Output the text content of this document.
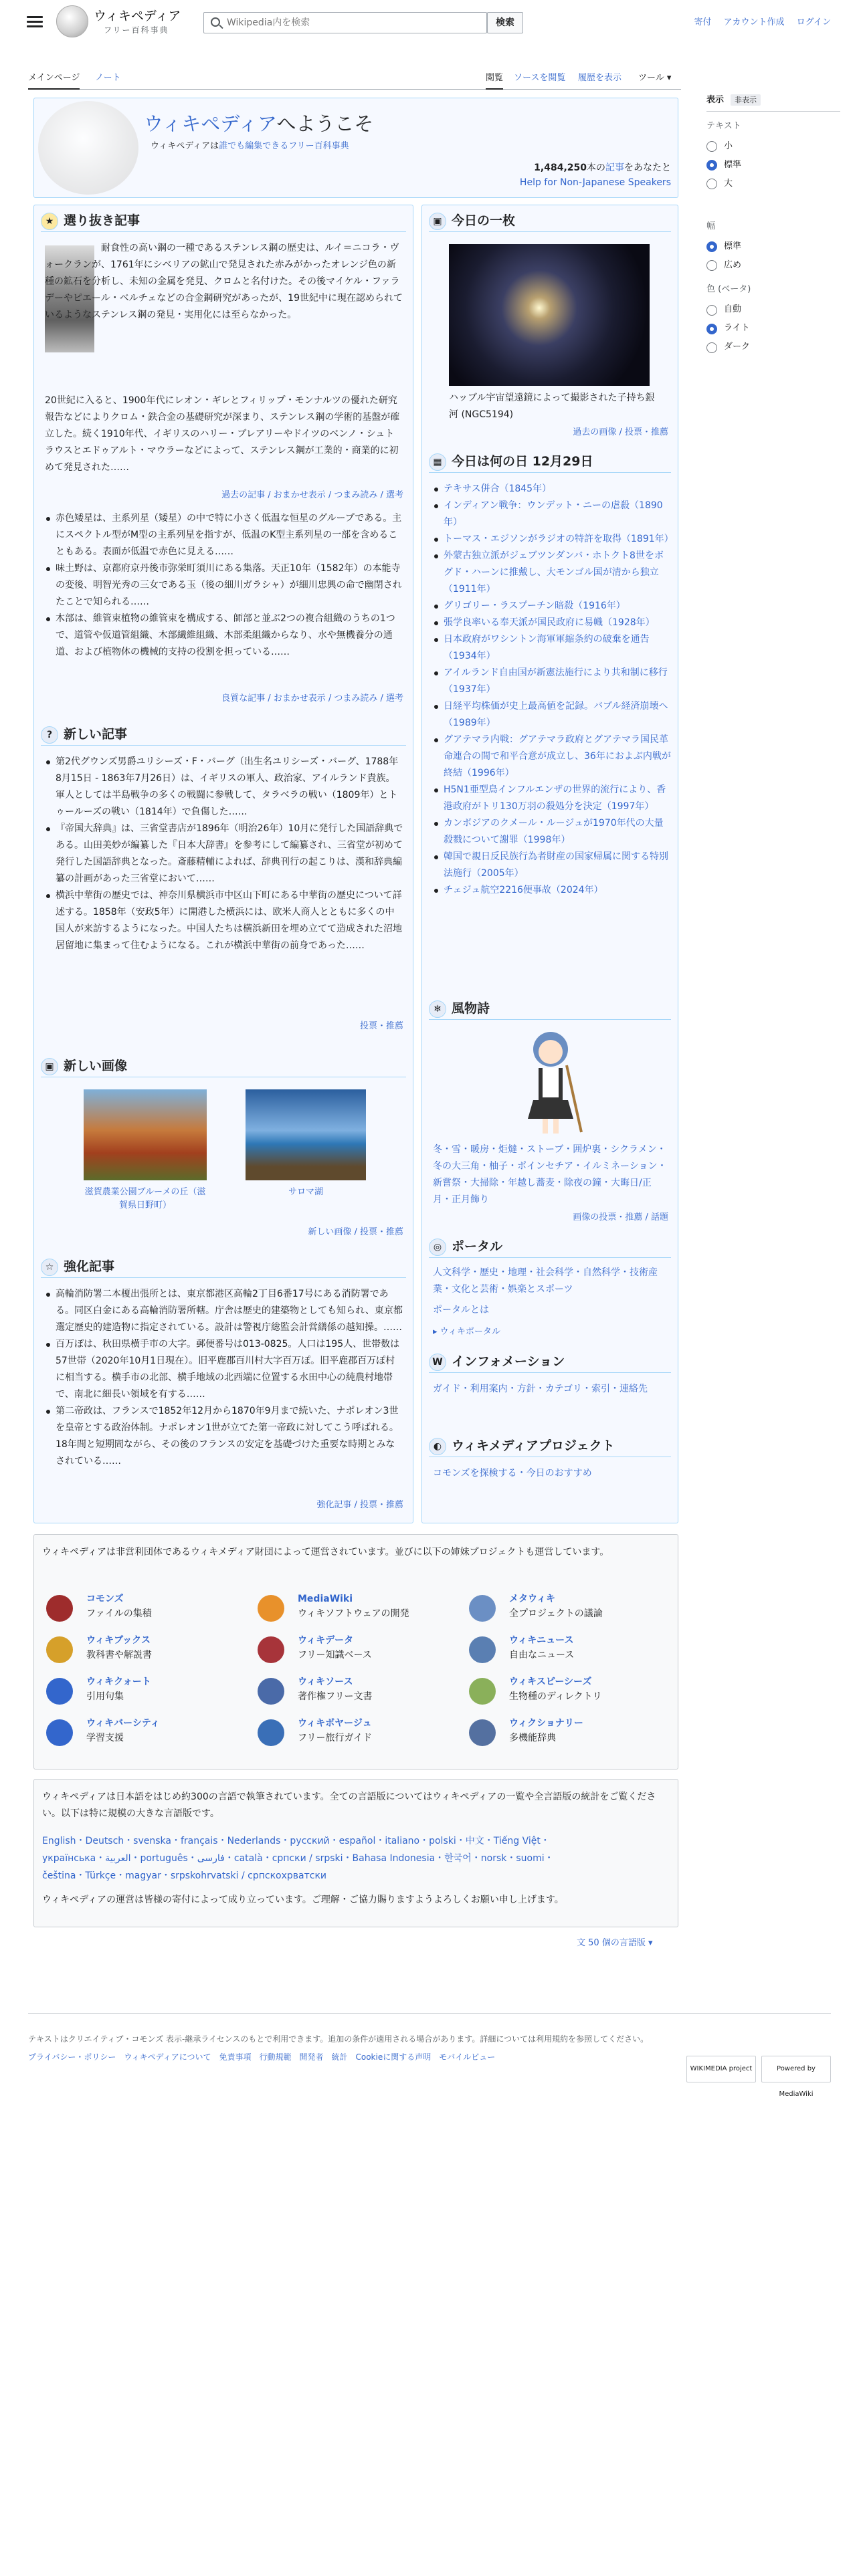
ウィキペディア
フリー百科事典
Wikipedia内を検索
検索	寄付 アカウント作成 ログイン
メインページ ノート	閲覧 ソースを閲覧 履歴を表示 ツール ▾
表示 非表示
テキスト
小
標準
大
幅
標準
広め
色 (ベータ)
自動
ライト
ダーク
ウィキペディアへようこそ
ウィキペディアは誰でも編集できるフリー百科事典
1,484,250本の記事をあなたと
Help for Non-Japanese Speakers
★ 選り抜き記事
耐食性の高い鋼の一種であるステンレス鋼の歴史は、ルイ＝ニコラ・ヴォークランが、1761年にシベリアの鉱山で発見された赤みがかったオレンジ色の新種の鉱石を分析し、未知の金属を発見、クロムと名付けた。その後マイケル・ファラデーやピエール・ベルチェなどの合金鋼研究があったが、19世紀中に現在認められているようなステンレス鋼の発見・実用化には至らなかった。
20世紀に入ると、1900年代にレオン・ギレとフィリップ・モンナルツの優れた研究報告などによりクロム・鉄合金の基礎研究が深まり、ステンレス鋼の学術的基盤が確立した。続く1910年代、イギリスのハリー・ブレアリーやドイツのベンノ・シュトラウスとエドゥアルト・マウラーなどによって、ステンレス鋼が工業的・商業的に初めて発見された……
過去の記事 / おまかせ表示 / つまみ読み / 選考
赤色矮星は、主系列星（矮星）の中で特に小さく低温な恒星のグループである。主にスペクトル型がM型の主系列星を指すが、低温のK型主系列星の一部を含めることもある。表面が低温で赤色に見える……
味土野は、京都府京丹後市弥栄町須川にある集落。天正10年（1582年）の本能寺の変後、明智光秀の三女である玉（後の細川ガラシャ）が細川忠興の命で幽閉されたことで知られる……
木部は、維管束植物の維管束を構成する、師部と並ぶ2つの複合組織のうちの1つで、道管や仮道管組織、木部繊維組織、木部柔組織からなり、水や無機養分の通道、および植物体の機械的支持の役割を担っている……
良質な記事 / おまかせ表示 / つまみ読み / 選考
? 新しい記事
第2代グウンズ男爵ユリシーズ・F・バーグ（出生名ユリシーズ・バーグ、1788年8月15日 - 1863年7月26日）は、イギリスの軍人、政治家、アイルランド貴族。軍人としては半島戦争の多くの戦闘に参戦して、タラベラの戦い（1809年）とトゥールーズの戦い（1814年）で負傷した……
『帝国大辞典』は、三省堂書店が1896年（明治26年）10月に発行した国語辞典である。山田美妙が編纂した『日本大辞書』を参考にして編纂され、三省堂が初めて発行した国語辞典となった。斎藤精輔によれば、辞典刊行の起こりは、漢和辞典編纂の計画があった三省堂において……
横浜中華街の歴史では、神奈川県横浜市中区山下町にある中華街の歴史について詳述する。1858年（安政5年）に開港した横浜には、欧米人商人とともに多くの中国人が来訪するようになった。中国人たちは横浜新田を埋め立てて造成された沼地居留地に集まって住むようになる。これが横浜中華街の前身であった……
投票・推薦
▣ 新しい画像
滋賀農業公園ブルーメの丘（滋賀県日野町）
サロマ湖
新しい画像 / 投票・推薦
☆ 強化記事
高輪消防署二本榎出張所とは、東京都港区高輪2丁目6番17号にある消防署である。同区白金にある高輪消防署所轄。庁舎は歴史的建築物としても知られ、東京都選定歴史的建造物に指定されている。設計は警視庁総監会計営繕係の越知操。……
百万ぽは、秋田県横手市の大字。郵便番号は013-0825。人口は195人、世帯数は57世帯（2020年10月1日現在）。旧平鹿郡百川村大字百万ぽ。旧平鹿郡百万ぽ村に相当する。横手市の北部、横手地域の北西端に位置する水田中心の純農村地帯で、南北に細長い領域を有する……
第二帝政は、フランスで1852年12月から1870年9月まで続いた、ナポレオン3世を皇帝とする政治体制。ナポレオン1世が立てた第一帝政に対してこう呼ばれる。18年間と短期間ながら、その後のフランスの安定を基礎づけた重要な時期とみなされている……
強化記事 / 投票・推薦
▣ 今日の一枚
ハッブル宇宙望遠鏡によって撮影された子持ち銀河 (NGC5194)
過去の画像 / 投票・推薦
▦ 今日は何の日 12月29日
テキサス併合（1845年）
インディアン戦争：ウンデット・ニーの虐殺（1890年）
トーマス・エジソンがラジオの特許を取得（1891年）
外蒙古独立派がジェブツンダンバ・ホトクト8世をボグド・ハーンに推戴し、大モンゴル国が清から独立（1911年）
グリゴリー・ラスプーチン暗殺（1916年）
張学良率いる奉天派が国民政府に易幟（1928年）
日本政府がワシントン海軍軍縮条約の破棄を通告（1934年）
アイルランド自由国が新憲法施行により共和制に移行（1937年）
日経平均株価が史上最高値を記録。バブル経済崩壊へ（1989年）
グアテマラ内戦：グアテマラ政府とグアテマラ国民革命連合の間で和平合意が成立し、36年におよぶ内戦が終結（1996年）
H5N1亜型鳥インフルエンザの世界的流行により、香港政府がトリ130万羽の殺処分を決定（1997年）
カンボジアのクメール・ルージュが1970年代の大量殺戮について謝罪（1998年）
韓国で親日反民族行為者財産の国家帰属に関する特別法施行（2005年）
チェジュ航空2216便事故（2024年）
❄ 風物詩
冬・雪・暖房・炬燵・ストーブ・囲炉裏・シクラメン・冬の大三角・柚子・ポインセチア・イルミネーション・新嘗祭・大掃除・年越し蕎麦・除夜の鐘・大晦日/正月・正月飾り
画像の投票・推薦 / 話題
◎ ポータル
人文科学・歴史・地理・社会科学・自然科学・技術産業・文化と芸術・娯楽とスポーツ
ポータルとは
▸ ウィキポータル
W インフォメーション
ガイド・利用案内・方針・カテゴリ・索引・連絡先
◐ ウィキメディアプロジェクト
コモンズを探検する・今日のおすすめ
ウィキペディアは非営利団体であるウィキメディア財団によって運営されています。並びに以下の姉妹プロジェクトも運営しています。
コモンズ
ファイルの集積
MediaWiki
ウィキソフトウェアの開発
メタウィキ
全プロジェクトの議論
ウィキブックス
教科書や解説書
ウィキデータ
フリー知識ベース
ウィキニュース
自由なニュース
ウィキクォート
引用句集
ウィキソース
著作権フリー文書
ウィキスピーシーズ
生物種のディレクトリ
ウィキバーシティ
学習支援
ウィキボヤージュ
フリー旅行ガイド
ウィクショナリー
多機能辞典
ウィキペディアは日本語をはじめ約300の言語で執筆されています。全ての言語版についてはウィキペディアの一覧や全言語版の統計をご覧ください。以下は特に規模の大きな言語版です。
English・Deutsch・svenska・français・Nederlands・русский・español・italiano・polski・中文・Tiếng Việt・
українська・العربية・português・فارسی・català・српски / srpski・Bahasa Indonesia・한국어・norsk・suomi・
čeština・Türkçe・magyar・srpskohrvatski / српскохрватски
ウィキペディアの運営は皆様の寄付によって成り立っています。ご理解・ご協力賜りますようよろしくお願い申し上げます。
文 50 個の言語版 ▾
テキストはクリエイティブ・コモンズ 表示-継承ライセンスのもとで利用できます。追加の条件が適用される場合があります。詳細については利用規約を参照してください。
プライバシー・ポリシー　ウィキペディアについて　免責事項　行動規範　開発者　統計　Cookieに関する声明　モバイルビュー
WIKIMEDIA project	Powered by MediaWiki
